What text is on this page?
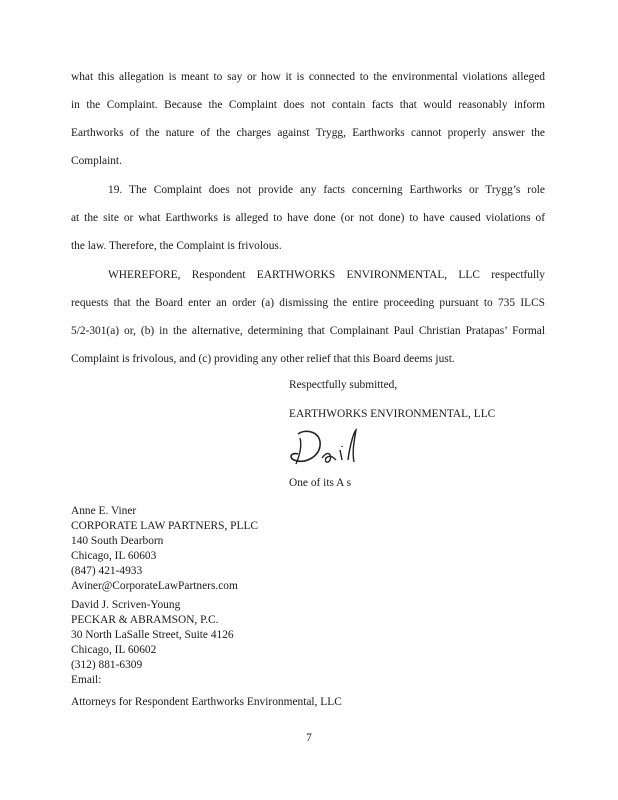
what this allegation is meant to say or how it is connected to the environmental violations alleged
in the Complaint. Because the Complaint does not contain facts that would reasonably inform
Earthworks of the nature of the charges against Trygg, Earthworks cannot properly answer the
Complaint.
19. The Complaint does not provide any facts concerning Earthworks or Trygg’s role
at the site or what Earthworks is alleged to have done (or not done) to have caused violations of
the law. Therefore, the Complaint is frivolous.
WHEREFORE, Respondent EARTHWORKS ENVIRONMENTAL, LLC respectfully
requests that the Board enter an order (a) dismissing the entire proceeding pursuant to 735 ILCS
5/2-301(a) or, (b) in the alternative, determining that Complainant Paul Christian Pratapas’ Formal
Complaint is frivolous, and (c) providing any other relief that this Board deems just.
Respectfully submitted,
EARTHWORKS ENVIRONMENTAL, LLC
One of its A s
Anne E. Viner
CORPORATE LAW PARTNERS, PLLC
140 South Dearborn
Chicago, IL 60603
(847) 421-4933
Aviner@CorporateLawPartners.com
David J. Scriven-Young
PECKAR & ABRAMSON, P.C.
30 North LaSalle Street, Suite 4126
Chicago, IL 60602
(312) 881-6309
Email:
Attorneys for Respondent Earthworks Environmental, LLC
7
